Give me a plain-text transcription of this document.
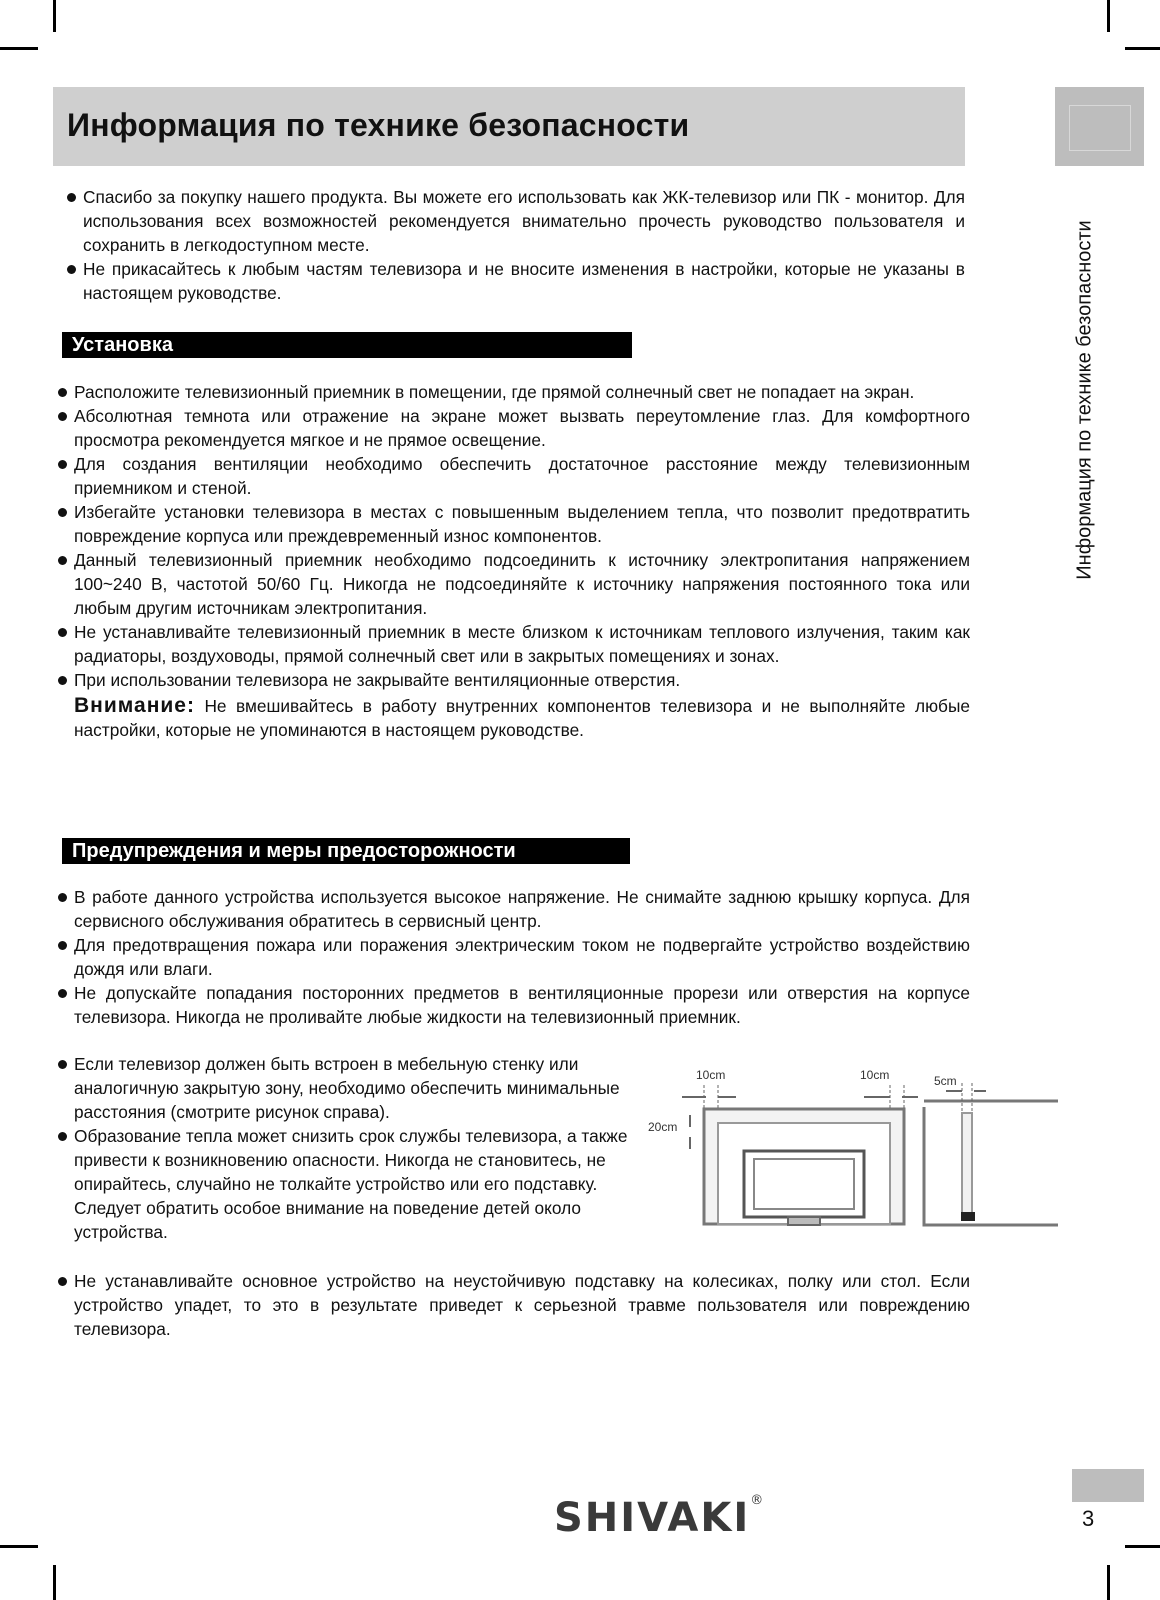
Информация по технике безопасности
Информация по технике безопасности
Спасибо за покупку нашего продукта. Вы можете его использовать как ЖК-телевизор или ПК - монитор. Для использования всех возможностей рекомендуется внимательно прочесть руководство пользователя и сохранить в легкодоступном месте.
Не прикасайтесь к любым частям телевизора и не вносите изменения в настройки, которые не указаны в настоящем руководстве.
Установка
Расположите телевизионный приемник в помещении, где прямой солнечный свет не попадает на экран.
Абсолютная темнота или отражение на экране может вызвать переутомление глаз. Для комфортного просмотра рекомендуется мягкое и не прямое освещение.
Для создания вентиляции необходимо обеспечить достаточное расстояние между телевизионным приемником и стеной.
Избегайте установки телевизора в местах с повышенным выделением тепла, что позволит предотвратить повреждение корпуса или преждевременный износ компонентов.
Данный телевизионный приемник необходимо подсоединить к источнику электропитания напряжением 100~240 В, частотой 50/60 Гц. Никогда не подсоединяйте к источнику напряжения постоянного тока или любым другим источникам электропитания.
Не устанавливайте телевизионный приемник в месте близком к источникам теплового излучения, таким как радиаторы, воздуховоды, прямой солнечный свет или в закрытых помещениях и зонах.
При использовании телевизора не закрывайте вентиляционные отверстия.
Внимание: Не вмешивайтесь в работу внутренних компонентов телевизора и не выполняйте любые настройки, которые не упоминаются в настоящем руководстве.
Предупреждения и меры предосторожности
В работе данного устройства используется высокое напряжение. Не снимайте заднюю крышку корпуса. Для сервисного обслуживания обратитесь в сервисный центр.
Для предотвращения пожара или поражения электрическим током не подвергайте устройство воздействию дождя или влаги.
Не допускайте попадания посторонних предметов в вентиляционные прорези или отверстия на корпусе телевизора. Никогда не проливайте любые жидкости на телевизионный приемник.
Если телевизор должен быть встроен в мебельную стенку или аналогичную закрытую зону, необходимо обеспечить минимальные расстояния (смотрите рисунок справа).
Образование тепла может снизить срок службы телевизора, а также привести к возникновению опасности. Никогда не становитесь, не опирайтесь, случайно не толкайте устройство или его подставку. Следует обратить особое внимание на поведение детей около устройства.
Не устанавливайте основное устройство на неустойчивую подставку на колесиках, полку или стол. Если устройство упадет, то это в результате приведет к серьезной травме пользователя или повреждению телевизора.
10cm	10cm	5cm
20cm
SHIVAKI®
3
